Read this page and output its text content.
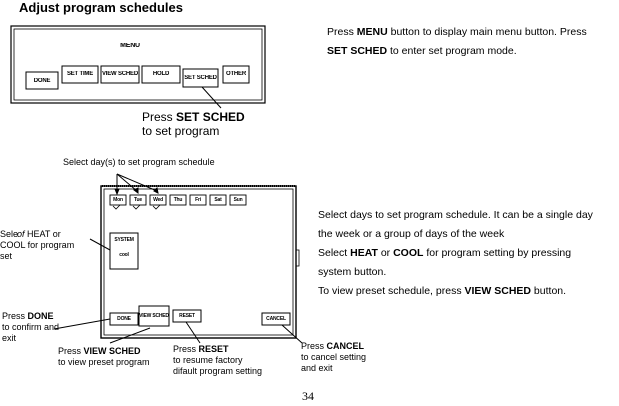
Adjust program schedules
MENU
DONE
SET TIME	VIEW SCHED	HOLD
SET SCHED
OTHER
Press SET SCHED
to set program
Press MENU button to display main menu button. Press
SET SCHED to enter set program mode.
Select day(s) to set program schedule
Mon	Tue	Wed	Thu	Fri	Sat	Sun
SYSTEM
cool
DONE	VIEW SCHED	RESET	CANCEL
Seleof HEAT or
COOL for program
set
Press DONE
to confirm and
exit
Press VIEW SCHED
to view preset program
Press RESET
to resume factory
difault program setting
Press CANCEL
to cancel setting
and exit
Select days to set program schedule. It can be a single day
the week or a group of days of the week
Select HEAT or COOL for program setting by pressing
system button.
To view preset schedule, press VIEW SCHED button.
34
